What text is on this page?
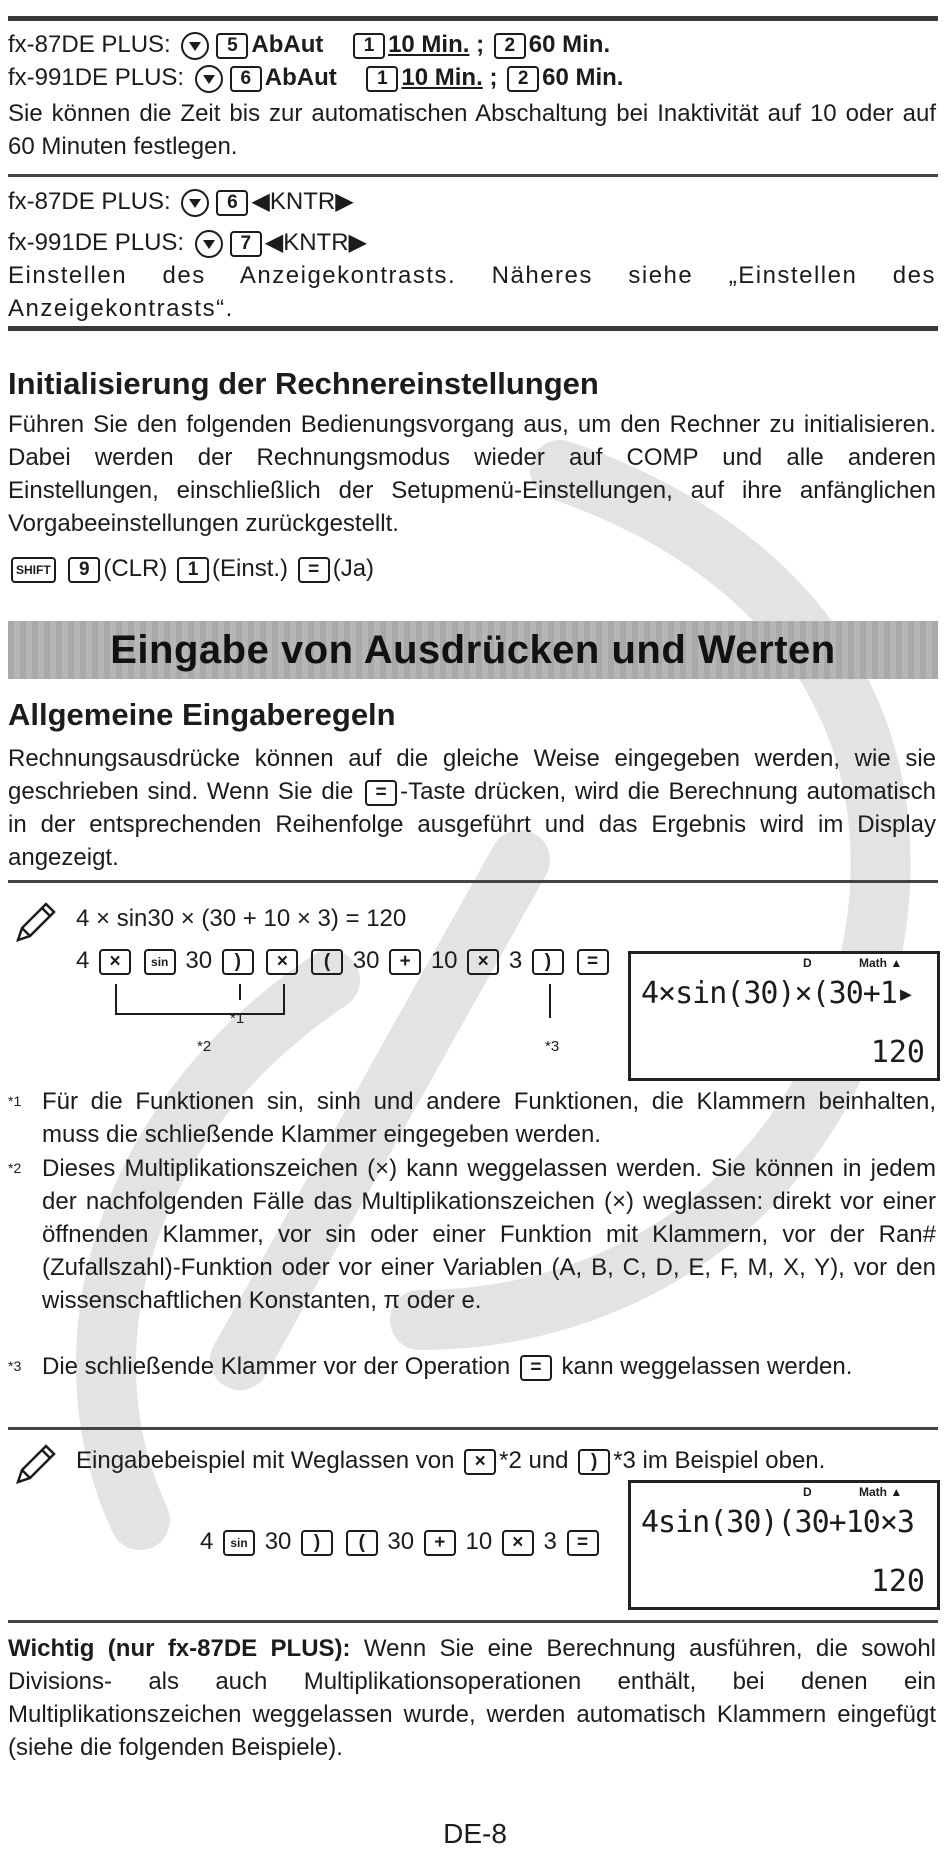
fx-87DE PLUS:	5 AbAut 1 10 Min. ; 2 60 Min.
fx-991DE PLUS:	6 AbAut 1 10 Min. ; 2 60 Min.
Sie können die Zeit bis zur automatischen Abschaltung bei Inaktivität auf 10 oder auf 60 Minuten festlegen.
fx-87DE PLUS:	6 ◀KNTR▶
fx-991DE PLUS:	7 ◀KNTR▶
Einstellen des Anzeigekontrasts. Näheres siehe „Einstellen des Anzeigekontrasts“.
Initialisierung der Rechnereinstellungen
Führen Sie den folgenden Bedienungsvorgang aus, um den Rechner zu initialisieren. Dabei werden der Rechnungsmodus wieder auf COMP und alle anderen Einstellungen, einschließlich der Setupmenü-Einstellungen, auf ihre anfänglichen Vorgabeeinstellungen zurückgestellt.
SHIFT 9 (CLR) 1 (Einst.) = (Ja)
Eingabe von Ausdrücken und Werten
Allgemeine Eingaberegeln
Rechnungsausdrücke können auf die gleiche Weise eingegeben werden, wie sie geschrieben sind. Wenn Sie die = -Taste drücken, wird die Berechnung automatisch in der entsprechenden Reihenfolge ausgeführt und das Ergebnis wird im Display angezeigt.
4 × sin30 × (30 + 10 × 3) = 120
4 ×	sin 30 ) × ( 30 + 10 × 3 ) =
*1
*2	*3
D	Math ▲
4×sin(30)×(30+1▸
120
*1 Für die Funktionen sin, sinh und andere Funktionen, die Klammern beinhalten, muss die schließende Klammer eingegeben werden.
*2 Dieses Multiplikationszeichen (×) kann weggelassen werden. Sie können in jedem der nachfolgenden Fälle das Multiplikationszeichen (×) weglassen: direkt vor einer öffnenden Klammer, vor sin oder einer Funktion mit Klammern, vor der Ran# (Zufallszahl)-Funktion oder vor einer Variablen (A, B, C, D, E, F, M, X, Y), vor den wissenschaftlichen Konstanten, π oder e.
*3 Die schließende Klammer vor der Operation = kann weggelassen werden.
Eingabebeispiel mit Weglassen von × *2 und ) *3 im Beispiel oben.
4 sin 30 ) ( 30 + 10 × 3 =
D	Math ▲
4sin(30)(30+10×3
120
Wichtig (nur fx-87DE PLUS): Wenn Sie eine Berechnung ausführen, die sowohl Divisions- als auch Multiplikationsoperationen enthält, bei denen ein Multiplikationszeichen weggelassen wurde, werden automatisch Klammern eingefügt (siehe die folgenden Beispiele).
DE-8
